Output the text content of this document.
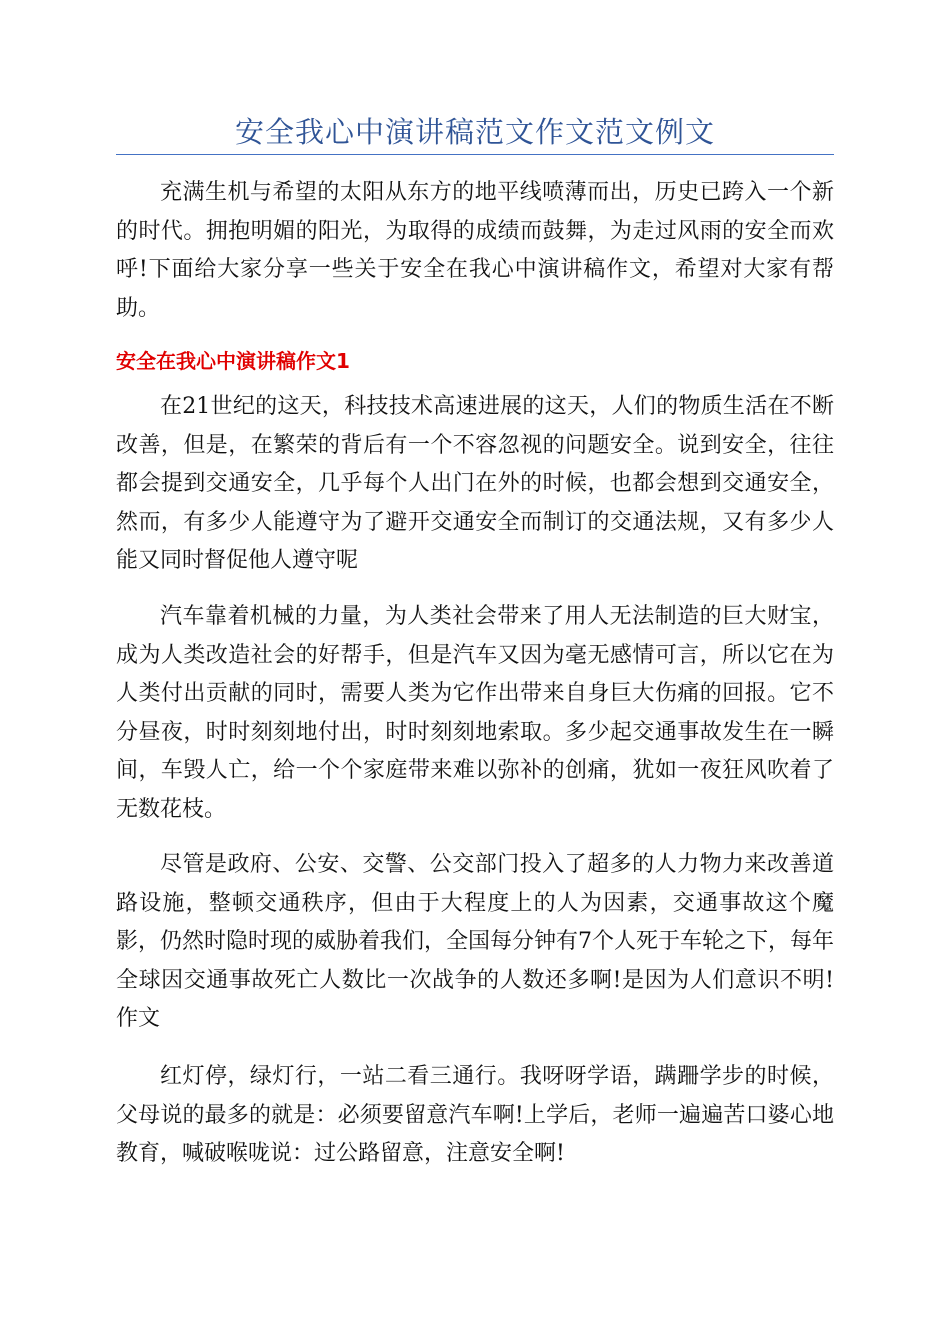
安全我心中演讲稿范文作文范文例文

充满生机与希望的太阳从东方的地平线喷薄而出，历史已跨入一个新的时代。拥抱明媚的阳光，为取得的成绩而鼓舞，为走过风雨的安全而欢呼!下面给大家分享一些关于安全在我心中演讲稿作文，希望对大家有帮助。

安全在我心中演讲稿作文1

在21世纪的这天，科技技术高速进展的这天，人们的物质生活在不断改善，但是，在繁荣的背后有一个不容忽视的问题安全。说到安全，往往都会提到交通安全，几乎每个人出门在外的时候，也都会想到交通安全，然而，有多少人能遵守为了避开交通安全而制订的交通法规，又有多少人能又同时督促他人遵守呢

汽车靠着机械的力量，为人类社会带来了用人无法制造的巨大财宝，成为人类改造社会的好帮手，但是汽车又因为毫无感情可言，所以它在为人类付出贡献的同时，需要人类为它作出带来自身巨大伤痛的回报。它不分昼夜，时时刻刻地付出，时时刻刻地索取。多少起交通事故发生在一瞬间，车毁人亡，给一个个家庭带来难以弥补的创痛，犹如一夜狂风吹着了无数花枝。

尽管是政府、公安、交警、公交部门投入了超多的人力物力来改善道路设施，整顿交通秩序，但由于大程度上的人为因素，交通事故这个魔影，仍然时隐时现的威胁着我们，全国每分钟有7个人死于车轮之下，每年全球因交通事故死亡人数比一次战争的人数还多啊!是因为人们意识不明!作文

红灯停，绿灯行，一站二看三通行。我呀呀学语，蹒跚学步的时候，父母说的最多的就是：必须要留意汽车啊!上学后，老师一遍遍苦口婆心地教育，喊破喉咙说：过公路留意，注意安全啊!
